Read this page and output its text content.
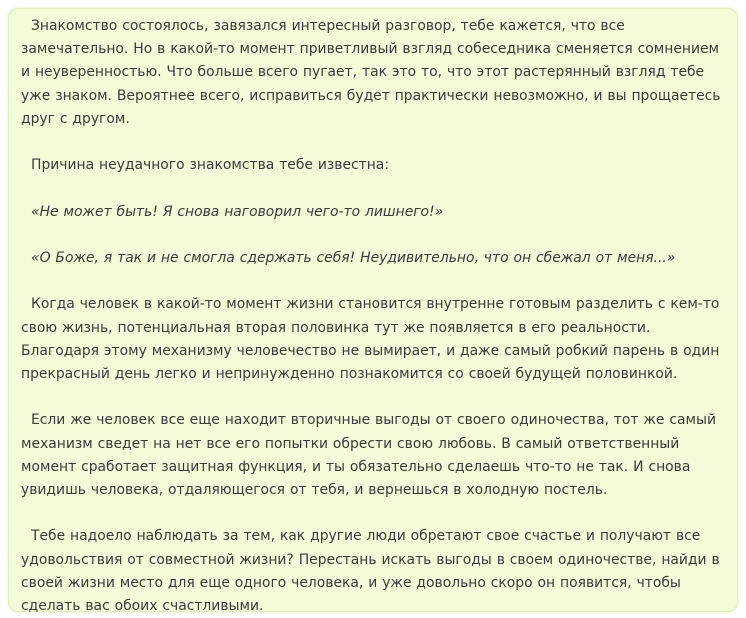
Знакомство состоялось, завязался интересный разговор, тебе кажется, что все замечательно. Но в какой-то момент приветливый взгляд собеседника сменяется сомнением и неуверенностью. Что больше всего пугает, так это то, что этот растерянный взгляд тебе уже знаком. Вероятнее всего, исправиться будет практически невозможно, и вы прощаетесь друг с другом.

Причина неудачного знакомства тебе известна:

«Не может быть! Я снова наговорил чего-то лишнего!»

«О Боже, я так и не смогла сдержать себя! Неудивительно, что он сбежал от меня...»

Когда человек в какой-то момент жизни становится внутренне готовым разделить с кем-то свою жизнь, потенциальная вторая половинка тут же появляется в его реальности. Благодаря этому механизму человечество не вымирает, и даже самый робкий парень в один прекрасный день легко и непринужденно познакомится со своей будущей половинкой.

Если же человек все еще находит вторичные выгоды от своего одиночества, тот же самый механизм сведет на нет все его попытки обрести свою любовь. В самый ответственный момент сработает защитная функция, и ты обязательно сделаешь что-то не так. И снова увидишь человека, отдаляющегося от тебя, и вернешься в холодную постель.

Тебе надоело наблюдать за тем, как другие люди обретают свое счастье и получают все удовольствия от совместной жизни? Перестань искать выгоды в своем одиночестве, найди в своей жизни место для еще одного человека, и уже довольно скоро он появится, чтобы сделать вас обоих счастливыми.
